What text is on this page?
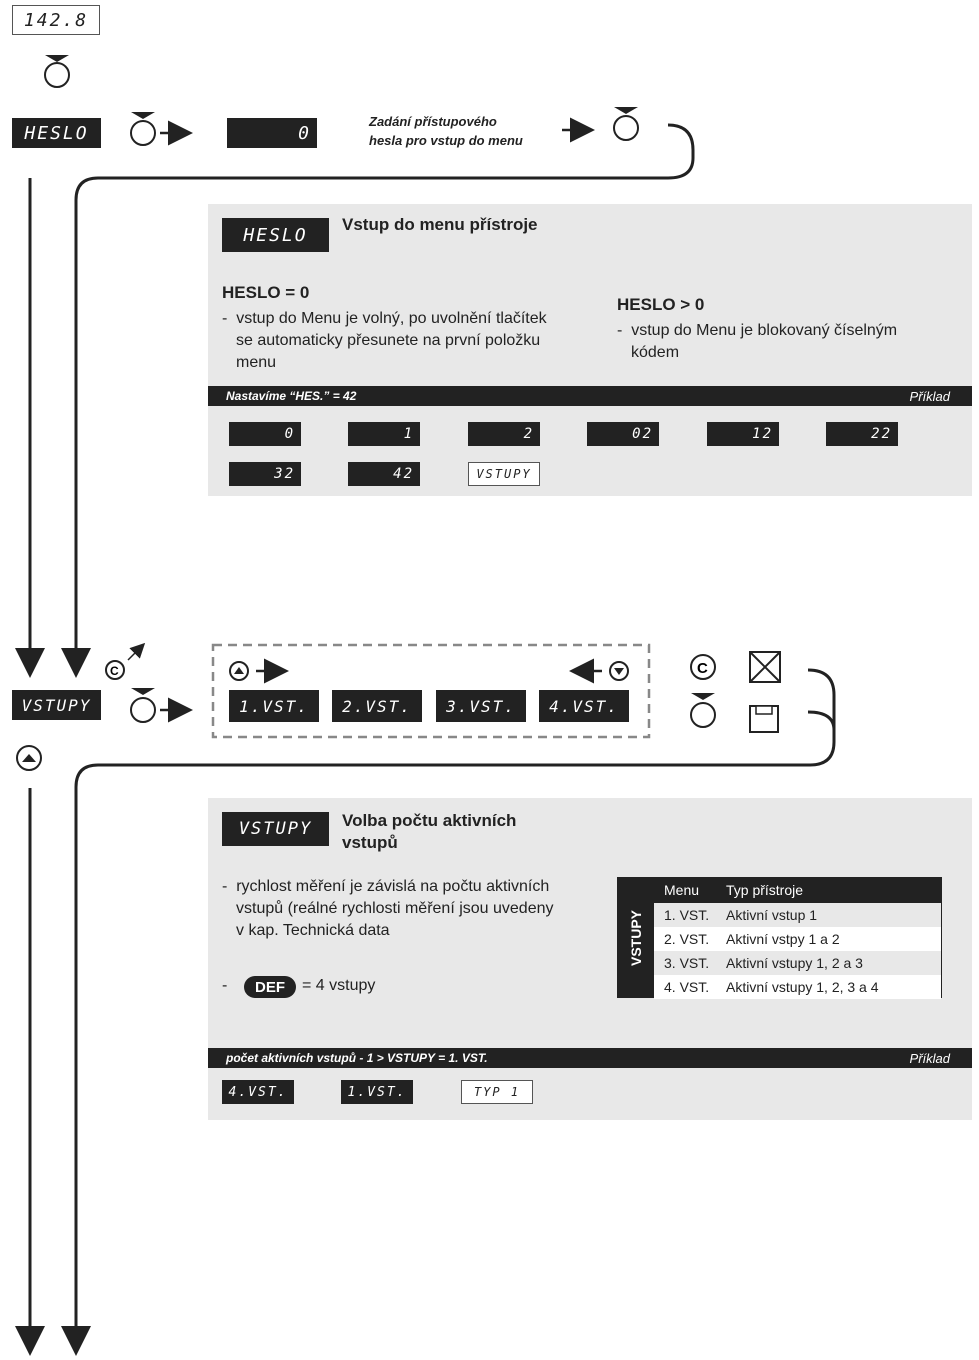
C	C
142.8
HESLO	0
Zadání přístupového
hesla pro vstup do menu
HESLO	Vstup do menu přístroje
HESLO = 0
-  vstup do Menu je volný, po uvolnění tlačítek
se automaticky přesunete na první položku
menu
HESLO > 0
-  vstup do Menu je blokovaný číselným
kódem
Nastavíme “HES.” = 42	Příklad
0	1	2	02	12	22
32	42	VSTUPY
VSTUPY	1.VST.	2.VST.	3.VST.	4.VST.
VSTUPY	Volba počtu aktivních
vstupů
-  rychlost měření je závislá na počtu aktivních
vstupů (reálné rychlosti měření jsou uvedeny
v kap. Technická data
-	DEF	= 4 vstupy
VSTUPY
Menu Typ přístroje
1. VST. Aktivní vstup 1
2. VST. Aktivní vstpy 1 a 2
3. VST. Aktivní vstupy 1, 2 a 3
4. VST. Aktivní vstupy 1, 2, 3 a 4
počet aktivních vstupů - 1 > VSTUPY = 1. VST.	Příklad
4.VST.	1.VST.	TYP 1
